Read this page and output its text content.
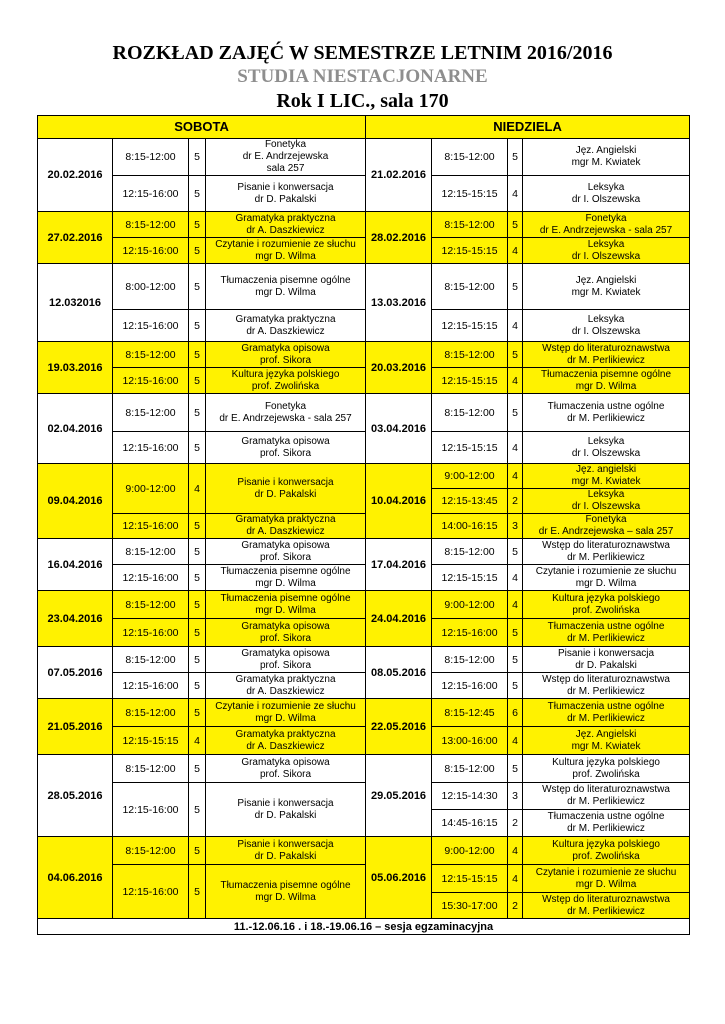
ROZKŁAD ZAJĘĆ W SEMESTRZE LETNIM 2016/2016
STUDIA NIESTACJONARNE
Rok I LIC., sala 170
SOBOTA				NIEDZIELA			
20.02.2016	8:15-12:00	5	Fonetyka
dr E. Andrzejewska
sala 257	21.02.2016	8:15-12:00	5	Jęz. Angielski
mgr M. Kwiatek

	12:15-16:00	5	Pisanie i konwersacja
dr D. Pakalski		12:15-15:15	4	Leksyka
dr I. Olszewska

27.02.2016	8:15-12:00	5	Gramatyka praktyczna
dr A. Daszkiewicz	28.02.2016	8:15-12:00	5	Fonetyka
dr E. Andrzejewska - sala 257

	12:15-16:00	5	Czytanie i rozumienie ze słuchu
mgr D. Wilma		12:15-15:15	4	Leksyka
dr I. Olszewska

12.032016	8:00-12:00	5	Tłumaczenia pisemne ogólne
mgr D. Wilma	13.03.2016	8:15-12:00	5	Jęz. Angielski
mgr M. Kwiatek

	12:15-16:00	5	Gramatyka praktyczna
dr A. Daszkiewicz		12:15-15:15	4	Leksyka
dr I. Olszewska

19.03.2016	8:15-12:00	5	Gramatyka opisowa
prof. Sikora	20.03.2016	8:15-12:00	5	Wstęp do literaturoznawstwa
dr M. Perlikiewicz

	12:15-16:00	5	Kultura języka polskiego
prof. Zwolińska		12:15-15:15	4	Tłumaczenia pisemne ogólne
mgr D. Wilma

02.04.2016	8:15-12:00	5	Fonetyka
dr E. Andrzejewska - sala 257	03.04.2016	8:15-12:00	5	Tłumaczenia ustne ogólne
dr M. Perlikiewicz

	12:15-16:00	5	Gramatyka opisowa
prof. Sikora		12:15-15:15	4	Leksyka
dr I. Olszewska

09.04.2016	9:00-12:00	4	Pisanie i konwersacja
dr D. Pakalski	10.04.2016	9:00-12:00	4	Jęz. angielski
mgr M. Kwiatek

					12:15-13:45	2	Leksyka
dr I. Olszewska

	12:15-16:00	5	Gramatyka praktyczna
dr A. Daszkiewicz		14:00-16:15	3	Fonetyka
dr E. Andrzejewska – sala 257

16.04.2016	8:15-12:00	5	Gramatyka opisowa
prof. Sikora	17.04.2016	8:15-12:00	5	Wstęp do literaturoznawstwa
dr M. Perlikiewicz

	12:15-16:00	5	Tłumaczenia pisemne ogólne
mgr D. Wilma		12:15-15:15	4	Czytanie i rozumienie ze słuchu
mgr D. Wilma

23.04.2016	8:15-12:00	5	Tłumaczenia pisemne ogólne
mgr D. Wilma	24.04.2016	9:00-12:00	4	Kultura języka polskiego
prof. Zwolińska

	12:15-16:00	5	Gramatyka opisowa
prof. Sikora		12:15-16:00	5	Tłumaczenia ustne ogólne
dr M. Perlikiewicz

07.05.2016	8:15-12:00	5	Gramatyka opisowa
prof. Sikora	08.05.2016	8:15-12:00	5	Pisanie i konwersacja
dr D. Pakalski

	12:15-16:00	5	Gramatyka praktyczna
dr A. Daszkiewicz		12:15-16:00	5	Wstęp do literaturoznawstwa
dr M. Perlikiewicz

21.05.2016	8:15-12:00	5	Czytanie i rozumienie ze słuchu
mgr D. Wilma	22.05.2016	8:15-12:45	6	Tłumaczenia ustne ogólne
dr M. Perlikiewicz

	12:15-15:15	4	Gramatyka praktyczna
dr A. Daszkiewicz		13:00-16:00	4	Jęz. Angielski
mgr M. Kwiatek

28.05.2016	8:15-12:00	5	Gramatyka opisowa
prof. Sikora	29.05.2016	8:15-12:00	5	Kultura języka polskiego
prof. Zwolińska

	12:15-16:00	5	Pisanie i konwersacja
dr D. Pakalski		12:15-14:30	3	Wstęp do literaturoznawstwa
dr M. Perlikiewicz

					14:45-16:15	2	Tłumaczenia ustne ogólne
dr M. Perlikiewicz

04.06.2016	8:15-12:00	5	Pisanie i konwersacja
dr D. Pakalski	05.06.2016	9:00-12:00	4	Kultura języka polskiego
prof. Zwolińska

	12:15-16:00	5	Tłumaczenia pisemne ogólne
mgr D. Wilma		12:15-15:15	4	Czytanie i rozumienie ze słuchu
mgr D. Wilma

					15:30-17:00	2	Wstęp do literaturoznawstwa
dr M. Perlikiewicz

11.-12.06.16 . i 18.-19.06.16 – sesja egzaminacyjna							
